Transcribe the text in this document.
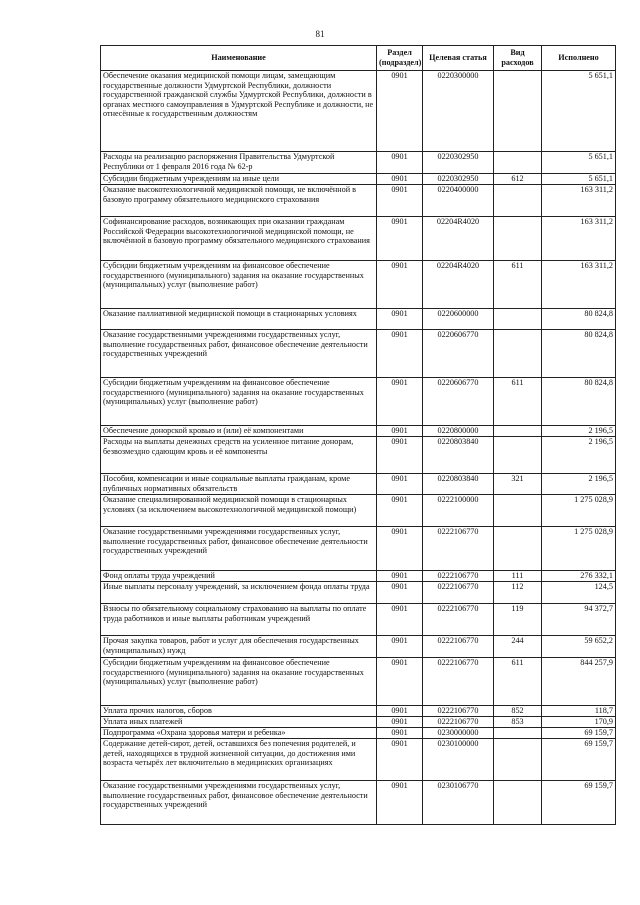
81
Наименование	Раздел (подраздел)	Целевая статья	Вид расходов	Исполнено
Обеспечение оказания медицинской помощи лицам, замещающим государственные должности Удмуртской Республики, должности государственной гражданской службы Удмуртской Республики, должности в органах местного самоуправления в Удмуртской Республике и должности, не отнесённые к государственным должностям	0901	0220300000		5 651,1
Расходы на реализацию распоряжения Правительства Удмуртской Республики от 1 февраля 2016 года № 62-р	0901	0220302950		5 651,1
Субсидии бюджетным учреждениям на иные цели	0901	0220302950	612	5 651,1
Оказание высокотехнологичной медицинской помощи, не включённой в базовую программу обязательного медицинского страхования	0901	0220400000		163 311,2
Софинансирование расходов, возникающих при оказании гражданам Российской Федерации высокотехнологичной медицинской помощи, не включённой в базовую программу обязательного медицинского страхования	0901	02204R4020		163 311,2
Субсидии бюджетным учреждениям на финансовое обеспечение государственного (муниципального) задания на оказание государственных (муниципальных) услуг (выполнение работ)	0901	02204R4020	611	163 311,2
Оказание паллиативной медицинской помощи в стационарных условиях	0901	0220600000		80 824,8
Оказание государственными учреждениями государственных услуг, выполнение государственных работ, финансовое обеспечение деятельности государственных учреждений	0901	0220606770		80 824,8
Субсидии бюджетным учреждениям на финансовое обеспечение государственного (муниципального) задания на оказание государственных (муниципальных) услуг (выполнение работ)	0901	0220606770	611	80 824,8
Обеспечение донорской кровью и (или) её компонентами	0901	0220800000		2 196,5
Расходы на выплаты денежных средств на усиленное питание донорам, безвозмездно сдающим кровь и её компоненты	0901	0220803840		2 196,5
Пособия, компенсации и иные социальные выплаты гражданам, кроме публичных нормативных обязательств	0901	0220803840	321	2 196,5
Оказание специализированной медицинской помощи в стационарных условиях (за исключением высокотехнологичной медицинской помощи)	0901	0222100000		1 275 028,9
Оказание государственными учреждениями государственных услуг, выполнение государственных работ, финансовое обеспечение деятельности государственных учреждений	0901	0222106770		1 275 028,9
Фонд оплаты труда учреждений	0901	0222106770	111	276 332,1
Иные выплаты персоналу учреждений, за исключением фонда оплаты труда	0901	0222106770	112	124,5
Взносы по обязательному социальному страхованию на выплаты по оплате труда работников и иные выплаты работникам учреждений	0901	0222106770	119	94 372,7
Прочая закупка товаров, работ и услуг для обеспечения государственных (муниципальных) нужд	0901	0222106770	244	59 652,2
Субсидии бюджетным учреждениям на финансовое обеспечение государственного (муниципального) задания на оказание государственных (муниципальных) услуг (выполнение работ)	0901	0222106770	611	844 257,9
Уплата прочих налогов, сборов	0901	0222106770	852	118,7
Уплата иных платежей	0901	0222106770	853	170,9
Подпрограмма «Охрана здоровья матери и ребенка»	0901	0230000000		69 159,7
Содержание детей-сирот, детей, оставшихся без попечения родителей, и детей, находящихся в трудной жизненной ситуации, до достижения ими возраста четырёх лет включительно в медицинских организациях	0901	0230100000		69 159,7
Оказание государственными учреждениями государственных услуг, выполнение государственных работ, финансовое обеспечение деятельности государственных учреждений	0901	0230106770		69 159,7
